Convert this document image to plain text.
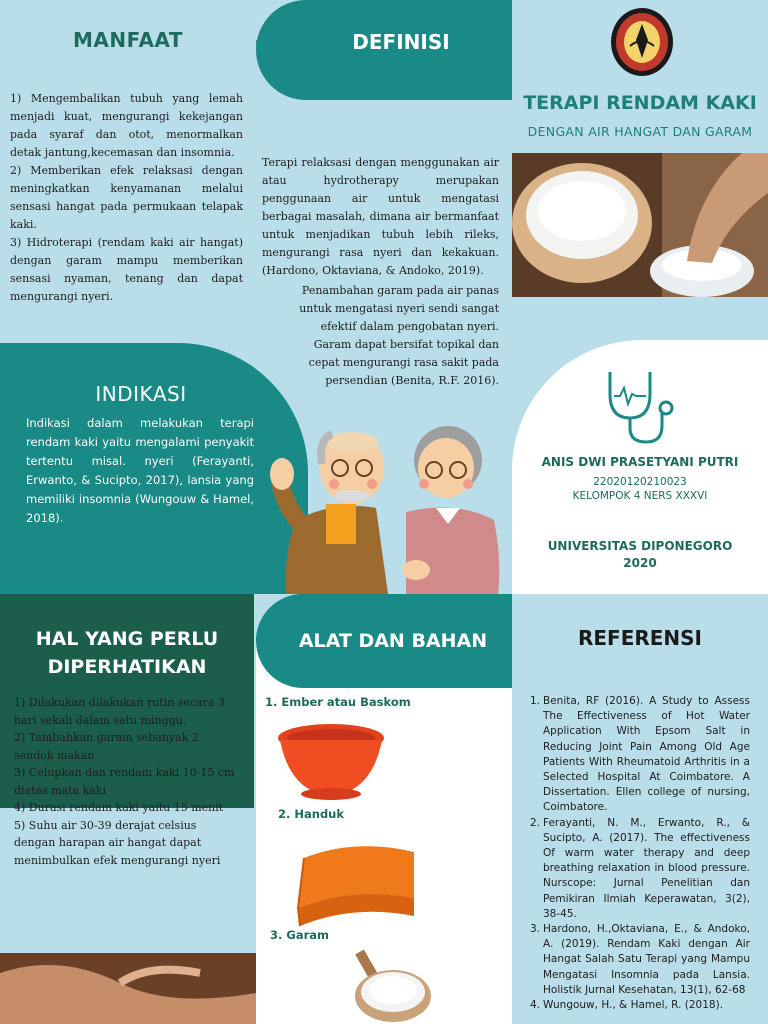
MANFAAT

1) Mengembalikan tubuh yang lemah menjadi kuat, mengurangi kekejangan pada syaraf dan otot, menormalkan detak jantung,kecemasan dan insomnia.

2) Memberikan efek relaksasi dengan meningkatkan kenyamanan melalui sensasi hangat pada permukaan telapak kaki.

3) Hidroterapi (rendam kaki air hangat) dengan garam mampu memberikan sensasi nyaman, tenang dan dapat mengurangi nyeri.

DEFINISI
Terapi relaksasi dengan menggunakan air atau hydrotherapy merupakan penggunaan air untuk mengatasi berbagai masalah, dimana air bermanfaat untuk menjadikan tubuh lebih rileks, mengurangi rasa nyeri dan kekakuan. (Hardono, Oktaviana, & Andoko, 2019).
Penambahan garam pada air panas untuk mengatasi nyeri sendi sangat efektif dalam pengobatan nyeri. Garam dapat bersifat topikal dan cepat mengurangi rasa sakit pada persendian (Benita, R.F. 2016).
TERAPI RENDAM KAKI
DENGAN AIR HANGAT DAN GARAM
ANIS DWI PRASETYANI PUTRI
22020120210023
KELOMPOK 4 NERS XXXVI
UNIVERSITAS DIPONEGORO
2020
INDIKASI
Indikasi dalam melakukan terapi rendam kaki yaitu mengalami penyakit tertentu misal. nyeri (Ferayanti, Erwanto, & Sucipto, 2017), lansia yang memiliki insomnia (Wungouw & Hamel, 2018).
HAL YANG PERLU
DIPERHATIKAN

1) Dilakukan dilakukan rutin secara 3 hari sekali dalam satu minggu.

2) Tambahkan garam sebanyak 2 sendok makan

3) Celupkan dan rendam kaki 10-15 cm diatas mata kaki

4) Durasi rendam kaki yaitu 15 menit

5) Suhu air 30-39 derajat celsius dengan harapan air hangat dapat menimbulkan efek mengurangi nyeri

ALAT DAN BAHAN
1. Ember atau Baskom
2. Handuk
3. Garam
REFERENSI
1. Benita, RF (2016). A Study to Assess The Effectiveness of Hot Water Application With Epsom Salt in Reducing Joint Pain Among Old Age Patients With Rheumatoid Arthritis in a Selected Hospital At Coimbatore. A Dissertation. Ellen college of nursing, Coimbatore.
2. Ferayanti, N. M., Erwanto, R., & Sucipto, A. (2017). The effectiveness Of warm water therapy and deep breathing relaxation in blood pressure. Nurscope: Jurnal Penelitian dan Pemikiran Ilmiah Keperawatan, 3(2), 38-45.
3. Hardono, H.,Oktaviana, E., & Andoko, A. (2019). Rendam Kaki dengan Air Hangat Salah Satu Terapi yang Mampu Mengatasi Insomnia pada Lansia. Holistik Jurnal Kesehatan, 13(1), 62-68
4. Wungouw, H., & Hamel, R. (2018).
